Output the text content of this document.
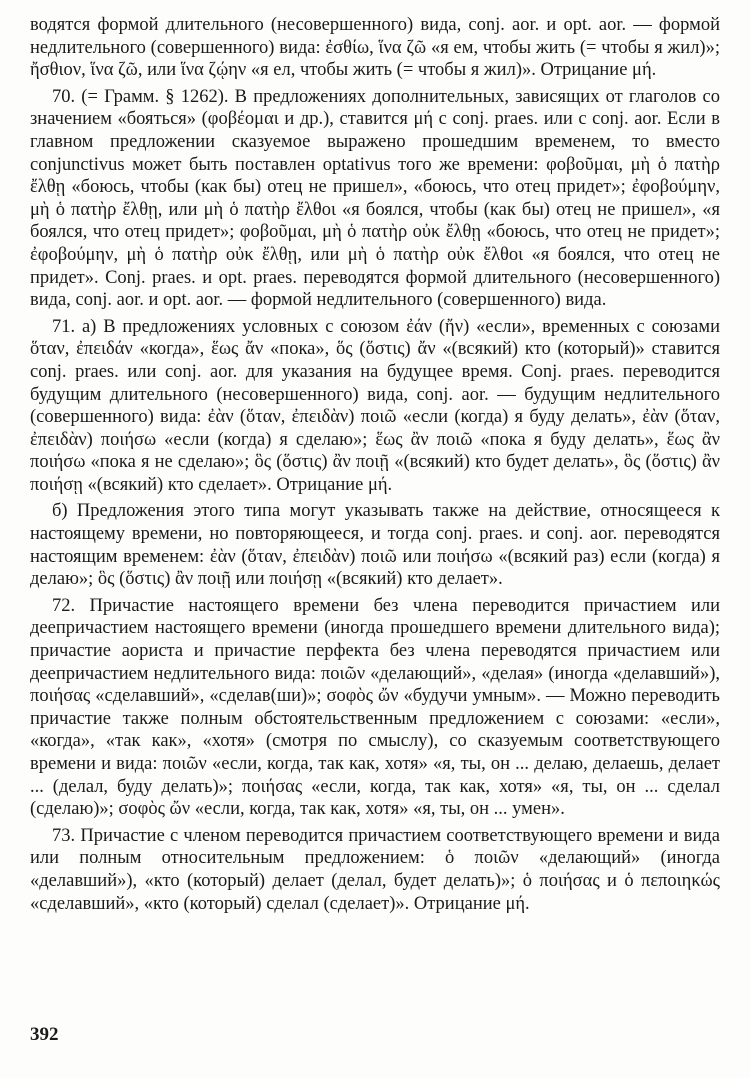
водятся формой длительного (несовершенного) вида, conj. aor. и opt. aor. — формой недлительного (совершенного) вида: ἐσθίω, ἵνα ζῶ «я ем, чтобы жить (= чтобы я жил)»; ἤσθιον, ἵνα ζῶ, или ἵνα ζῴην «я ел, чтобы жить (= чтобы я жил)». Отрицание μή.

70. (= Грамм. § 1262). В предложениях дополнительных, зависящих от глаголов со значением «бояться» (φοβέομαι и др.), ставится μή с conj. praes. или с conj. aor. Если в главном предложении сказуемое выражено прошедшим временем, то вместо conjunctivus может быть поставлен optativus того же времени: φοβοῦμαι, μὴ ὁ πατὴρ ἔλθῃ «боюсь, чтобы (как бы) отец не пришел», «боюсь, что отец придет»; ἐφοβούμην, μὴ ὁ πατὴρ ἔλθῃ, или μὴ ὁ πατὴρ ἔλθοι «я боялся, чтобы (как бы) отец не пришел», «я боялся, что отец придет»; φοβοῦμαι, μὴ ὁ πατὴρ οὐκ ἔλθῃ «боюсь, что отец не придет»; ἐφοβούμην, μὴ ὁ πατὴρ οὐκ ἔλθῃ, или μὴ ὁ πατὴρ οὐκ ἔλθοι «я боялся, что отец не придет». Conj. praes. и opt. praes. переводятся формой длительного (несовершенного) вида, conj. aor. и opt. aor. — формой недлительного (совершенного) вида.

71. а) В предложениях условных с союзом ἐάν (ἤν) «если», временных с союзами ὅταν, ἐπειδάν «когда», ἕως ἄν «пока», ὅς (ὅστις) ἄν «(всякий) кто (который)» ставится conj. praes. или conj. aor. для указания на будущее время. Conj. praes. переводится будущим длительного (несовершенного) вида, conj. aor. — будущим недлительного (совершенного) вида: ἐὰν (ὅταν, ἐπειδὰν) ποιῶ «если (когда) я буду делать», ἐὰν (ὅταν, ἐπειδὰν) ποιήσω «если (когда) я сделаю»; ἕως ἂν ποιῶ «пока я буду делать», ἕως ἂν ποιήσω «пока я не сделаю»; ὃς (ὅστις) ἂν ποιῇ «(всякий) кто будет делать», ὃς (ὅστις) ἂν ποιήσῃ «(всякий) кто сделает». Отрицание μή.

б) Предложения этого типа могут указывать также на действие, относящееся к настоящему времени, но повторяющееся, и тогда conj. praes. и conj. aor. переводятся настоящим временем: ἐὰν (ὅταν, ἐπειδὰν) ποιῶ или ποιήσω «(всякий раз) если (когда) я делаю»; ὃς (ὅστις) ἂν ποιῇ или ποιήσῃ «(всякий) кто делает».

72. Причастие настоящего времени без члена переводится причастием или деепричастием настоящего времени (иногда прошедшего времени длительного вида); причастие аориста и причастие перфекта без члена переводятся причастием или деепричастием недлительного вида: ποιῶν «делающий», «делая» (иногда «делавший»), ποιήσας «сделавший», «сделав(ши)»; σοφὸς ὤν «будучи умным». — Можно переводить причастие также полным обстоятельственным предложением с союзами: «если», «когда», «так как», «хотя» (смотря по смыслу), со сказуемым соответствующего времени и вида: ποιῶν «если, когда, так как, хотя» «я, ты, он ... делаю, делаешь, делает ... (делал, буду делать)»; ποιήσας «если, когда, так как, хотя» «я, ты, он ... сделал (сделаю)»; σοφὸς ὤν «если, когда, так как, хотя» «я, ты, он ... умен».

73. Причастие с членом переводится причастием соответствующего времени и вида или полным относительным предложением: ὁ ποιῶν «делающий» (иногда «делавший»), «кто (который) делает (делал, будет делать)»; ὁ ποιήσας и ὁ πεποιηκώς «сделавший», «кто (который) сделал (сделает)». Отрицание μή.

392
